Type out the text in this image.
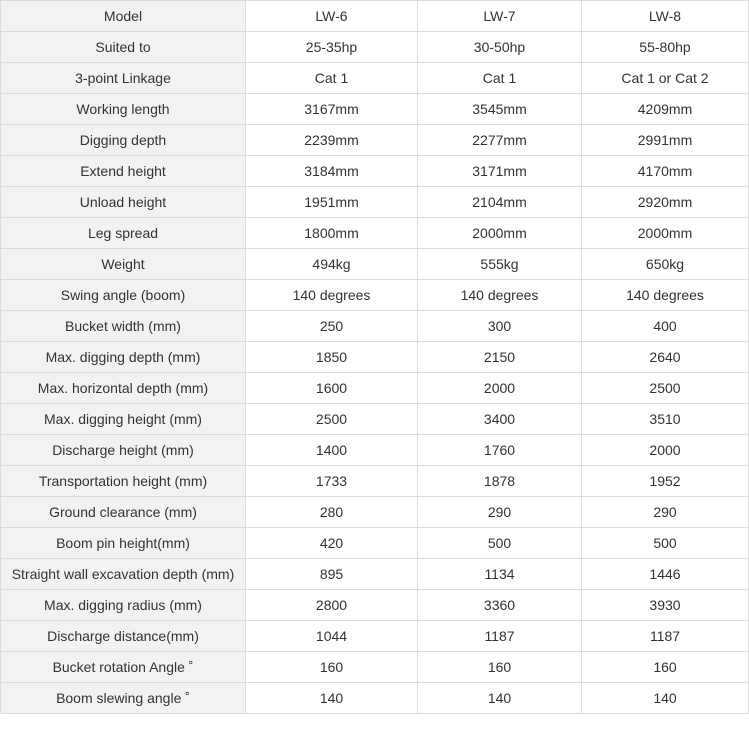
Model	LW-6	LW-7	LW-8
Suited to	25-35hp	30-50hp	55-80hp
3-point Linkage	Cat 1	Cat 1	Cat 1 or Cat 2
Working length	3167mm	3545mm	4209mm
Digging depth	2239mm	2277mm	2991mm
Extend height	3184mm	3171mm	4170mm
Unload height	1951mm	2104mm	2920mm
Leg spread	1800mm	2000mm	2000mm
Weight	494kg	555kg	650kg
Swing angle (boom)	140 degrees	140 degrees	140 degrees
Bucket width (mm)	250	300	400
Max. digging depth (mm)	1850	2150	2640
Max. horizontal depth (mm)	1600	2000	2500
Max. digging height (mm)	2500	3400	3510
Discharge height (mm)	1400	1760	2000
Transportation height (mm)	1733	1878	1952
Ground clearance (mm)	280	290	290
Boom pin height(mm)	420	500	500
Straight wall excavation depth (mm)	895	1134	1446
Max. digging radius (mm)	2800	3360	3930
Discharge distance(mm)	1044	1187	1187
Bucket rotation Angle ˚	160	160	160
Boom slewing angle ˚	140	140	140
